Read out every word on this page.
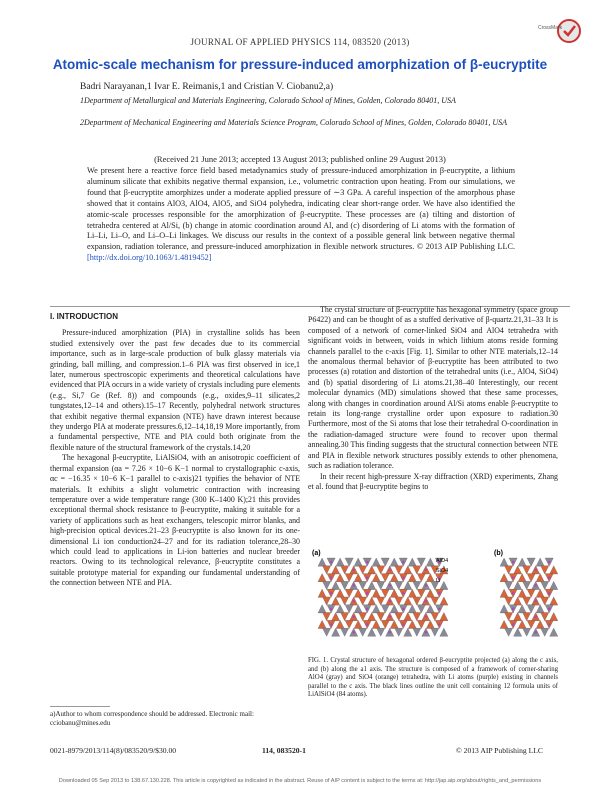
JOURNAL OF APPLIED PHYSICS 114, 083520 (2013)
CrossMark
Atomic-scale mechanism for pressure-induced amorphization of β-eucryptite
Badri Narayanan,1 Ivar E. Reimanis,1 and Cristian V. Ciobanu2,a)
1Department of Metallurgical and Materials Engineering, Colorado School of Mines, Golden, Colorado 80401, USA
2Department of Mechanical Engineering and Materials Science Program, Colorado School of Mines, Golden, Colorado 80401, USA
(Received 21 June 2013; accepted 13 August 2013; published online 29 August 2013)
We present here a reactive force field based metadynamics study of pressure-induced amorphization in β-eucryptite, a lithium aluminum silicate that exhibits negative thermal expansion, i.e., volumetric contraction upon heating. From our simulations, we found that β-eucryptite amorphizes under a moderate applied pressure of ∼3 GPa. A careful inspection of the amorphous phase showed that it contains AlO3, AlO4, AlO5, and SiO4 polyhedra, indicating clear short-range order. We have also identified the atomic-scale processes responsible for the amorphization of β-eucryptite. These processes are (a) tilting and distortion of tetrahedra centered at Al/Si, (b) change in atomic coordination around Al, and (c) disordering of Li atoms with the formation of Li–Li, Li–O, and Li–O–Li linkages. We discuss our results in the context of a possible general link between negative thermal expansion, radiation tolerance, and pressure-induced amorphization in flexible network structures. © 2013 AIP Publishing LLC. [http://dx.doi.org/10.1063/1.4819452]
I. INTRODUCTION

Pressure-induced amorphization (PIA) in crystalline solids has been studied extensively over the past few decades due to its commercial importance, such as in large-scale production of bulk glassy materials via grinding, ball milling, and compression.1–6 PIA was first observed in ice,1 later, numerous spectroscopic experiments and theoretical calculations have evidenced that PIA occurs in a wide variety of crystals including pure elements (e.g., Si,7 Ge (Ref. 8)) and compounds (e.g., oxides,9–11 silicates,2 tungstates,12–14 and others).15–17 Recently, polyhedral network structures that exhibit negative thermal expansion (NTE) have drawn interest because they undergo PIA at moderate pressures.6,12–14,18,19 More importantly, from a fundamental perspective, NTE and PIA could both originate from the flexible nature of the structural framework of the crystals.14,20

The hexagonal β-eucryptite, LiAlSiO4, with an anisotropic coefficient of thermal expansion (αa = 7.26 × 10−6 K−1 normal to crystallographic c-axis, αc = −16.35 × 10−6 K−1 parallel to c-axis)21 typifies the behavior of NTE materials. It exhibits a slight volumetric contraction with increasing temperature over a wide temperature range (300 K–1400 K);21 this provides exceptional thermal shock resistance to β-eucryptite, making it suitable for a variety of applications such as heat exchangers, telescopic mirror blanks, and high-precision optical devices.21–23 β-eucryptite is also known for its one-dimensional Li ion conduction24–27 and for its radiation tolerance,28–30 which could lead to applications in Li-ion batteries and nuclear breeder reactors. Owing to its technological relevance, β-eucryptite constitutes a suitable prototype material for expanding our fundamental understanding of the connection between NTE and PIA.

The crystal structure of β-eucryptite has hexagonal symmetry (space group P6422) and can be thought of as a stuffed derivative of β-quartz.21,31–33 It is composed of a network of corner-linked SiO4 and AlO4 tetrahedra with significant voids in between, voids in which lithium atoms reside forming channels parallel to the c-axis [Fig. 1]. Similar to other NTE materials,12–14 the anomalous thermal behavior of β-eucryptite has been attributed to two processes (a) rotation and distortion of the tetrahedral units (i.e., AlO4, SiO4) and (b) spatial disordering of Li atoms.21,38–40 Interestingly, our recent molecular dynamics (MD) simulations showed that these same processes, along with changes in coordination around Al/Si atoms enable β-eucryptite to retain its long-range crystalline order upon exposure to radiation.30 Furthermore, most of the Si atoms that lose their tetrahedral O-coordination in the radiation-damaged structure were found to recover upon thermal annealing.30 This finding suggests that the structural connection between NTE and PIA in flexible network structures possibly extends to other phenomena, such as radiation tolerance.

In their recent high-pressure X-ray diffraction (XRD) experiments, Zhang et al. found that β-eucryptite begins to

(a)	(b)
AlO4
SiO4
Li
FIG. 1. Crystal structure of hexagonal ordered β-eucryptite projected (a) along the c axis, and (b) along the a1 axis. The structure is composed of a framework of corner-sharing AlO4 (gray) and SiO4 (orange) tetrahedra, with Li atoms (purple) existing in channels parallel to the c axis. The black lines outline the unit cell containing 12 formula units of LiAlSiO4 (84 atoms).
a)Author to whom correspondence should be addressed. Electronic mail: cciobanu@mines.edu
0021-8979/2013/114(8)/083520/9/$30.00	114, 083520-1	© 2013 AIP Publishing LLC
Downloaded 05 Sep 2013 to 138.67.130.228. This article is copyrighted as indicated in the abstract. Reuse of AIP content is subject to the terms at: http://jap.aip.org/about/rights_and_permissions
